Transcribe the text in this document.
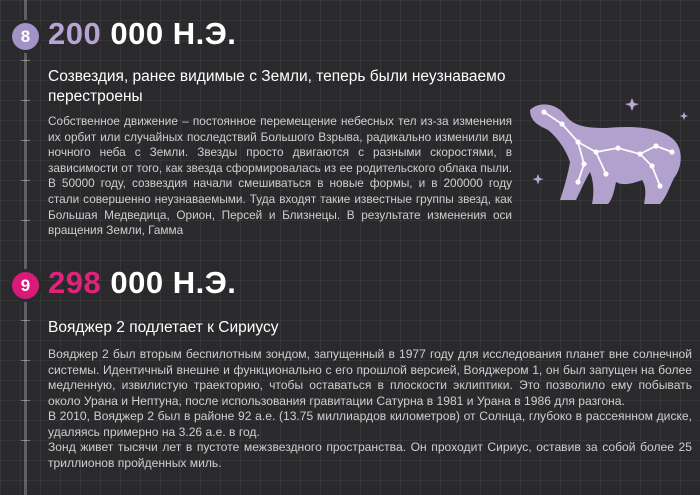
8 200 000 Н.Э.
Созвездия, ранее видимые с Земли, теперь были неузнаваемо перестроены
Собственное движение – постоянное перемещение небесных тел из-за изменения их орбит или случайных последствий Большого Взрыва, радикально изменили вид ночного неба с Земли. Звезды просто двигаются с разными скоростями, в зависимости от того, как звезда сформировалась из ее родительского облака пыли. В 50000 году, созвездия начали смешиваться в новые формы, и в 200000 году стали совершенно неузнаваемыми. Туда входят такие известные группы звезд, как Большая Медведица, Орион, Персей и Близнецы. В результате изменения оси вращения Земли, Гамма
9 298 000 Н.Э.
Вояджер 2 подлетает к Сириусу

Вояджер 2 был вторым беспилотным зондом, запущенный в 1977 году для исследования планет вне солнечной системы. Идентичный внешне и функционально с его прошлой версией, Вояджером 1, он был запущен на более медленную, извилистую траекторию, чтобы оставаться в плоскости эклиптики. Это позволило ему побывать около Урана и Нептуна, после использования гравитации Сатурна в 1981 и Урана в 1986 для разгона.

В 2010, Вояджер 2 был в районе 92 а.е. (13.75 миллиардов километров) от Солнца, глубоко в рассеянном диске, удаляясь примерно на 3.26 а.е. в год.

Зонд живет тысячи лет в пустоте межзвездного пространства. Он проходит Сириус, оставив за собой более 25 триллионов пройденных миль.
